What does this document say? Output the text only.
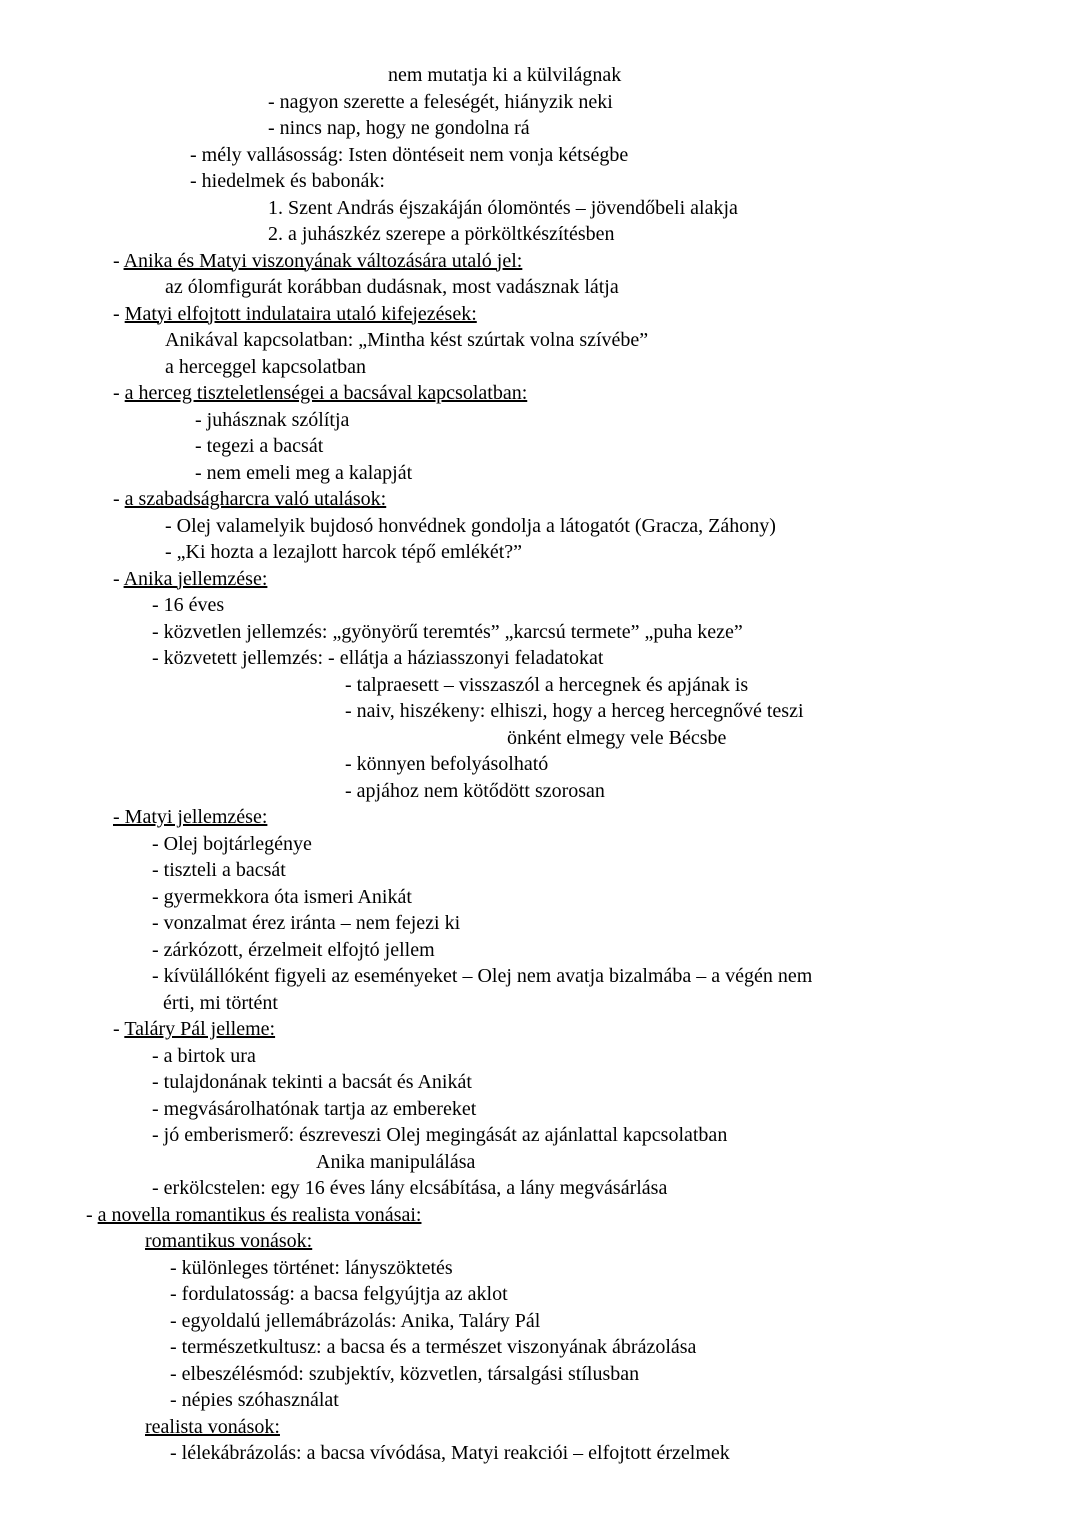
nem mutatja ki a külvilágnak
- nagyon szerette a feleségét, hiányzik neki
- nincs nap, hogy ne gondolna rá
- mély vallásosság: Isten döntéseit nem vonja kétségbe
- hiedelmek és babonák:
1. Szent András éjszakáján ólomöntés – jövendőbeli alakja
2. a juhászkéz szerepe a pörköltkészítésben
- Anika és Matyi viszonyának változására utaló jel:
az ólomfigurát korábban dudásnak, most vadásznak látja
- Matyi elfojtott indulataira utaló kifejezések:
Anikával kapcsolatban: „Mintha kést szúrtak volna szívébe”
a herceggel kapcsolatban
- a herceg tiszteletlenségei a bacsával kapcsolatban:
- juhásznak szólítja
- tegezi a bacsát
- nem emeli meg a kalapját
- a szabadságharcra való utalások:
- Olej valamelyik bujdosó honvédnek gondolja a látogatót (Gracza, Záhony)
- „Ki hozta a lezajlott harcok tépő emlékét?”
- Anika jellemzése:
- 16 éves
- közvetlen jellemzés: „gyönyörű teremtés” „karcsú termete” „puha keze”
- közvetett jellemzés: - ellátja a háziasszonyi feladatokat
- talpraesett – visszaszól a hercegnek és apjának is
- naiv, hiszékeny: elhiszi, hogy a herceg hercegnővé teszi
önként elmegy vele Bécsbe
- könnyen befolyásolható
- apjához nem kötődött szorosan
- Matyi jellemzése:
- Olej bojtárlegénye
- tiszteli a bacsát
- gyermekkora óta ismeri Anikát
- vonzalmat érez iránta – nem fejezi ki
- zárkózott, érzelmeit elfojtó jellem
- kívülállóként figyeli az eseményeket – Olej nem avatja bizalmába – a végén nem
érti, mi történt
- Taláry Pál jelleme:
- a birtok ura
- tulajdonának tekinti a bacsát és Anikát
- megvásárolhatónak tartja az embereket
- jó emberismerő: észreveszi Olej megingását az ajánlattal kapcsolatban
Anika manipulálása
- erkölcstelen: egy 16 éves lány elcsábítása, a lány megvásárlása
- a novella romantikus és realista vonásai:
romantikus vonások:
- különleges történet: lányszöktetés
- fordulatosság: a bacsa felgyújtja az aklot
- egyoldalú jellemábrázolás: Anika, Taláry Pál
- természetkultusz: a bacsa és a természet viszonyának ábrázolása
- elbeszélésmód: szubjektív, közvetlen, társalgási stílusban
- népies szóhasználat
realista vonások:
- lélekábrázolás: a bacsa vívódása, Matyi reakciói – elfojtott érzelmek
